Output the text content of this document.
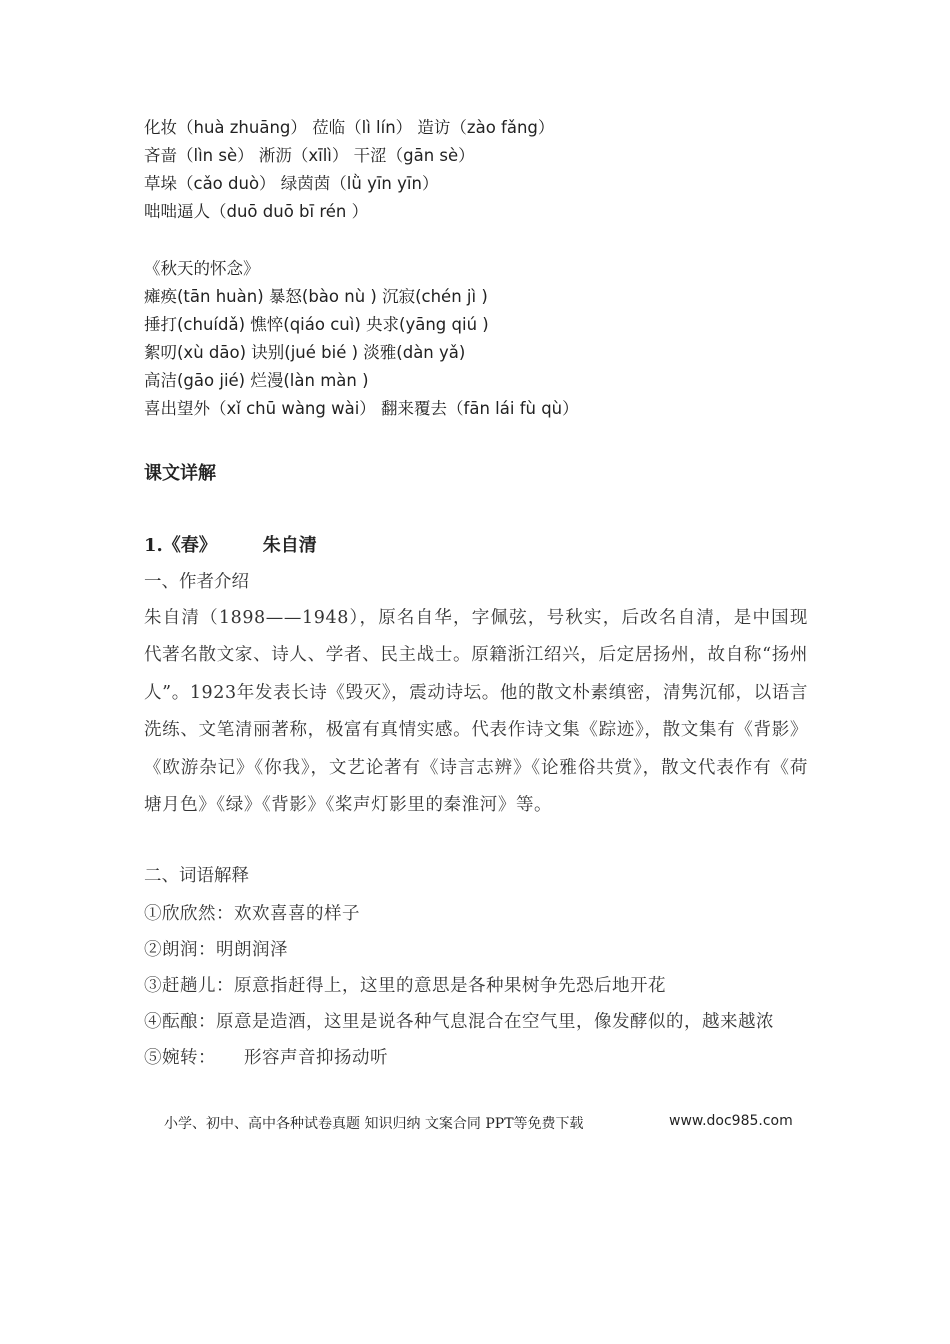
化妆（huà zhuāng） 莅临（lì lín） 造访（zào fǎng）
吝啬（lìn sè） 淅沥（xīlì） 干涩（gān sè）
草垛（cǎo duò） 绿茵茵（lǜ yīn yīn）
咄咄逼人（duō duō bī rén ）
《秋天的怀念》
瘫痪(tān huàn) 暴怒(bào nù ) 沉寂(chén jì )
捶打(chuídǎ) 憔悴(qiáo cuì) 央求(yāng qiú )
絮叨(xù dāo) 诀别(jué bié ) 淡雅(dàn yǎ)
高洁(gāo jié) 烂漫(làn màn )
喜出望外（xǐ chū wàng wài） 翻来覆去（fān lái fù qù）
课文详解
1.《春》	朱自清
一、作者介绍
朱自清（1898——1948），原名自华，字佩弦，号秋实，后改名自清，是中国现代著名散文家、诗人、学者、民主战士。原籍浙江绍兴，后定居扬州，故自称“扬州人”。1923年发表长诗《毁灭》，震动诗坛。他的散文朴素缜密，清隽沉郁，以语言洗练、文笔清丽著称，极富有真情实感。代表作诗文集《踪迹》，散文集有《背影》《欧游杂记》《你我》，文艺论著有《诗言志辨》《论雅俗共赏》，散文代表作有《荷塘月色》《绿》《背影》《桨声灯影里的秦淮河》等。
二、词语解释
①欣欣然：欢欢喜喜的样子
②朗润：明朗润泽
③赶趟儿：原意指赶得上，这里的意思是各种果树争先恐后地开花
④酝酿：原意是造酒，这里是说各种气息混合在空气里，像发酵似的，越来越浓
⑤婉转： 形容声音抑扬动听
小学、初中、高中各种试卷真题 知识归纳 文案合同 PPT等免费下载	www.doc985.com
